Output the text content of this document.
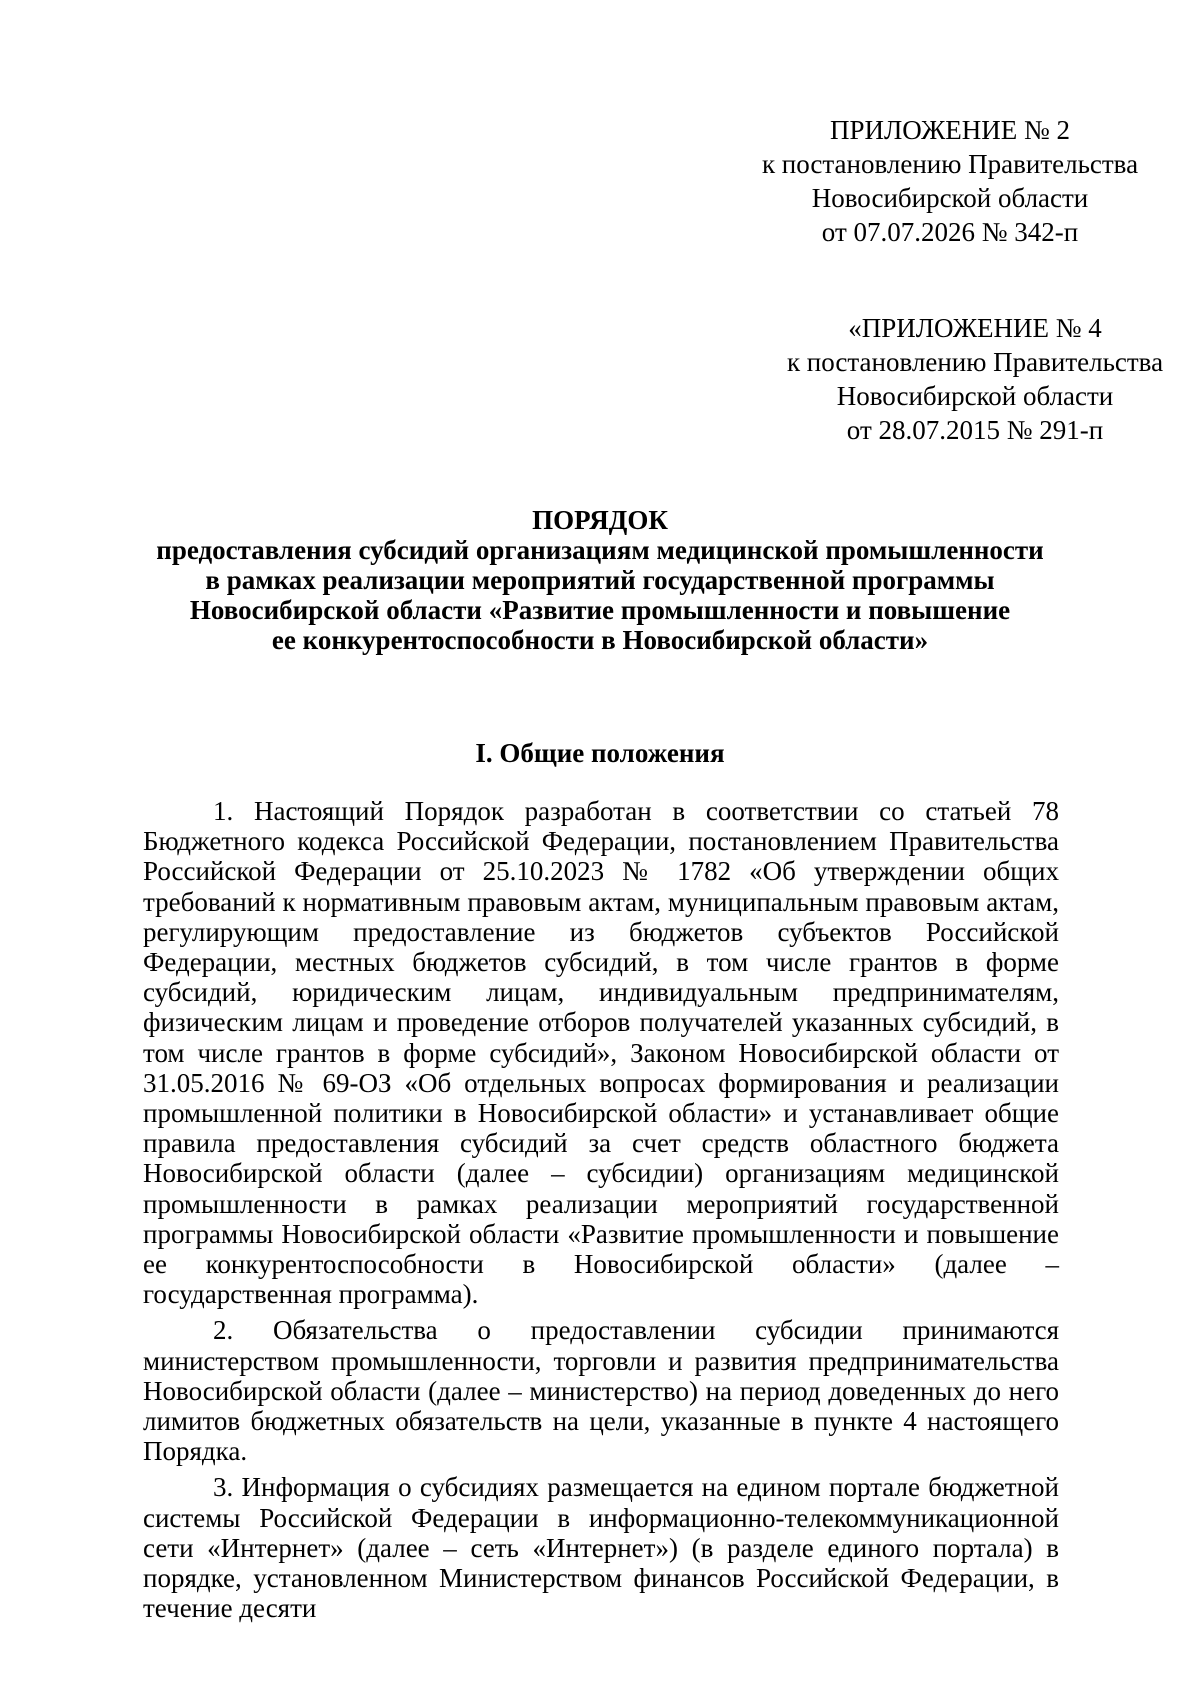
ПРИЛОЖЕНИЕ № 2
к постановлению Правительства
Новосибирской области
от 07.07.2026 № 342-п
«ПРИЛОЖЕНИЕ № 4
к постановлению Правительства
Новосибирской области
от 28.07.2015 № 291-п
ПОРЯДОК
предоставления субсидий организациям медицинской промышленности
в рамках реализации мероприятий государственной программы
Новосибирской области «Развитие промышленности и повышение
ее конкурентоспособности в Новосибирской области»
I. Общие положения

1. Настоящий Порядок разработан в соответствии со статьей 78 Бюджетного кодекса Российской Федерации, постановлением Правительства Российской Федерации от 25.10.2023 № 1782 «Об утверждении общих требований к нормативным правовым актам, муниципальным правовым актам, регулирующим предоставление из бюджетов субъектов Российской Федерации, местных бюджетов субсидий, в том числе грантов в форме субсидий, юридическим лицам, индивидуальным предпринимателям, физическим лицам и проведение отборов получателей указанных субсидий, в том числе грантов в форме субсидий», Законом Новосибирской области от 31.05.2016 № 69-ОЗ «Об отдельных вопросах формирования и реализации промышленной политики в Новосибирской области» и устанавливает общие правила предоставления субсидий за счет средств областного бюджета Новосибирской области (далее – субсидии) организациям медицинской промышленности в рамках реализации мероприятий государственной программы Новосибирской области «Развитие промышленности и повышение ее конкурентоспособности в Новосибирской области» (далее – государственная программа).

2. Обязательства о предоставлении субсидии принимаются министерством промышленности, торговли и развития предпринимательства Новосибирской области (далее – министерство) на период доведенных до него лимитов бюджетных обязательств на цели, указанные в пункте 4 настоящего Порядка.

3. Информация о субсидиях размещается на едином портале бюджетной системы Российской Федерации в информационно-телекоммуникационной сети «Интернет» (далее – сеть «Интернет») (в разделе единого портала) в порядке, установленном Министерством финансов Российской Федерации, в течение десяти
